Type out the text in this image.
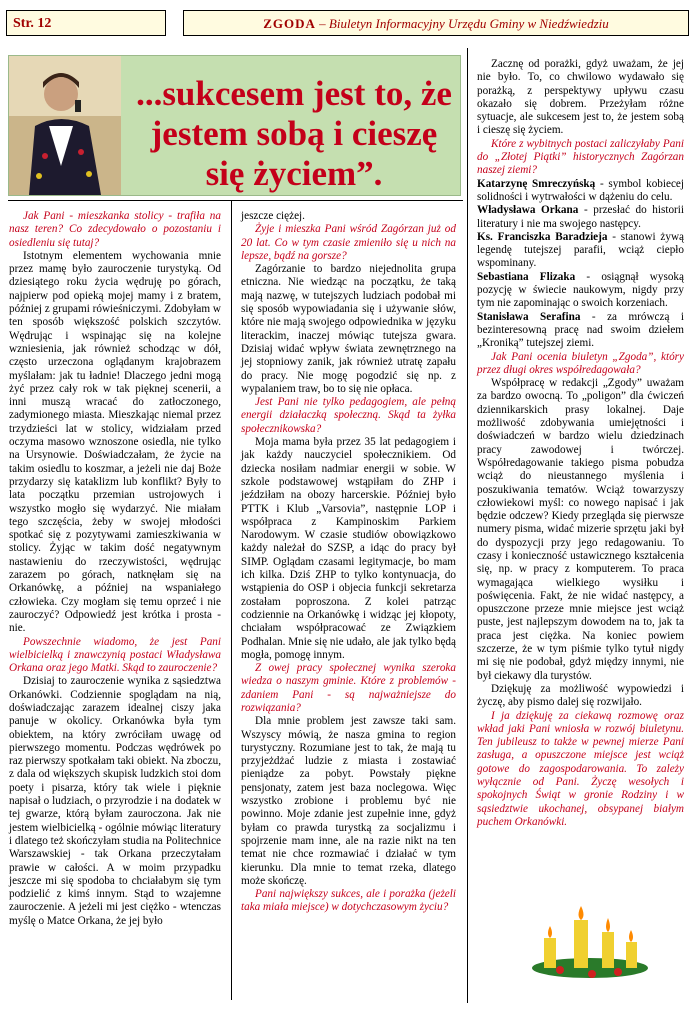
Str. 12	ZGODA – Biuletyn Informacyjny Urzędu Gminy w Niedźwiedziu
...sukcesem jest to, że jestem sobą i cieszę się życiem”.

Jak Pani - mieszkanka stolicy - trafiła na nasz teren? Co zdecydowało o pozostaniu i osiedleniu się tutaj?

Istotnym elementem wychowania mnie przez mamę było zauroczenie turystyką. Od dziesiątego roku życia wędruję po górach, najpierw pod opieką mojej mamy i z bratem, później z grupami rówieśniczymi. Zdobyłam w ten sposób większość polskich szczytów. Wędrując i wspinając się na kolejne wzniesienia, jak również schodząc w dół, często urzeczona oglądanym krajobrazem myślałam: jak tu ładnie! Dlaczego jedni mogą żyć przez cały rok w tak pięknej scenerii, a inni muszą wracać do zatłoczonego, zadymionego miasta. Mieszkając niemal przez trzydzieści lat w stolicy, widziałam przed oczyma masowo wznoszone osiedla, nie tylko na Ursynowie. Doświadczałam, że życie na takim osiedlu to koszmar, a jeżeli nie daj Boże przydarzy się kataklizm lub konflikt? Były to lata początku przemian ustrojowych i wszystko mogło się wydarzyć. Nie miałam tego szczęścia, żeby w swojej młodości spotkać się z pozytywami zamieszkiwania w stolicy. Żyjąc w takim dość negatywnym nastawieniu do rzeczywistości, wędrując zarazem po górach, natknęłam się na Orkanówkę, a później na wspaniałego człowieka. Czy mogłam się temu oprzeć i nie zauroczyć? Odpowiedź jest krótka i prosta - nie.

Powszechnie wiadomo, że jest Pani wielbicielką i znawczynią postaci Władysława Orkana oraz jego Matki. Skąd to zauroczenie?

Dzisiaj to zauroczenie wynika z sąsiedztwa Orkanówki. Codziennie spoglądam na nią, doświadczając zarazem idealnej ciszy jaka panuje w okolicy. Orkanówka była tym obiektem, na który zwróciłam uwagę od pierwszego momentu. Podczas wędrówek po raz pierwszy spotkałam taki obiekt. Na zboczu, z dala od większych skupisk ludzkich stoi dom poety i pisarza, który tak wiele i pięknie napisał o ludziach, o przyrodzie i na dodatek w tej gwarze, którą byłam zauroczona. Jak nie jestem wielbicielką - ogólnie mówiąc literatury i dlatego też skończyłam studia na Politechnice Warszawskiej - tak Orkana przeczytałam prawie w całości. A w moim przypadku jeszcze mi się spodoba to chciałabym się tym podzielić z kimś innym. Stąd to wzajemne zauroczenie. A jeżeli mi jest ciężko - wtenczas myślę o Matce Orkana, że jej było

jeszcze ciężej.

Żyje i mieszka Pani wśród Zagórzan już od 20 lat. Co w tym czasie zmieniło się u nich na lepsze, bądź na gorsze?

Zagórzanie to bardzo niejednolita grupa etniczna. Nie wiedząc na początku, że taką mają nazwę, w tutejszych ludziach podobał mi się sposób wypowiadania się i używanie słów, które nie mają swojego odpowiednika w języku literackim, inaczej mówiąc tutejsza gwara. Dzisiaj widać wpływ świata zewnętrznego na jej stopniowy zanik, jak również utratę zapału do pracy. Nie mogę pogodzić się np. z wypalaniem traw, bo to się nie opłaca.

Jest Pani nie tylko pedagogiem, ale pełną energii działaczką społeczną. Skąd ta żyłka społecznikowska?

Moja mama była przez 35 lat pedagogiem i jak każdy nauczyciel społecznikiem. Od dziecka nosiłam nadmiar energii w sobie. W szkole podstawowej wstąpiłam do ZHP i jeździłam na obozy harcerskie. Później było PTTK i Klub „Varsovia”, następnie LOP i współpraca z Kampinoskim Parkiem Narodowym. W czasie studiów obowiązkowo każdy należał do SZSP, a idąc do pracy był SIMP. Oglądam czasami legitymacje, bo mam ich kilka. Dziś ZHP to tylko kontynuacja, do wstąpienia do OSP i objecia funkcji sekretarza zostałam poproszona. Z kolei patrząc codziennie na Orkanówkę i widząc jej kłopoty, chciałam współpracować ze Związkiem Podhalan. Mnie się nie udało, ale jak tylko będą mogła, pomogę innym.

Z owej pracy społecznej wynika szeroka wiedza o naszym gminie. Które z problemów - zdaniem Pani - są najważniejsze do rozwiązania?

Dla mnie problem jest zawsze taki sam. Wszyscy mówią, że nasza gmina to region turystyczny. Rozumiane jest to tak, że mają tu przyjeżdżać ludzie z miasta i zostawiać pieniądze za pobyt. Powstały piękne pensjonaty, zatem jest baza noclegowa. Więc wszystko zrobione i problemu być nie powinno. Moje zdanie jest zupełnie inne, gdyż byłam co prawda turystką za socjalizmu i spojrzenie mam inne, ale na razie nikt na ten temat nie chce rozmawiać i działać w tym kierunku. Dla mnie to temat rzeka, dlatego może skończę.

Pani największy sukces, ale i porażka (jeżeli taka miała miejsce) w dotychczasowym życiu?

Zacznę od porażki, gdyż uważam, że jej nie było. To, co chwilowo wydawało się porażką, z perspektywy upływu czasu okazało się dobrem. Przeżyłam różne sytuacje, ale sukcesem jest to, że jestem sobą i cieszę się życiem.

Które z wybitnych postaci zaliczyłaby Pani do „Złotej Piątki” historycznych Zagórzan naszej ziemi?

Katarzynę Smreczyńską - symbol kobiecej solidności i wytrwałości w dążeniu do celu.

Władysława Orkana - przesłać do historii literatury i nie ma swojego następcy.

Ks. Franciszka Baradzieja - stanowi żywą legendę tutejszej parafii, wciąż ciepło wspominany.

Sebastiana Flizaka - osiągnął wysoką pozycję w świecie naukowym, nigdy przy tym nie zapominając o swoich korzeniach.

Stanisława Serafina - za mrówczą i bezinteresowną pracę nad swoim dziełem „Kroniką” tutejszej ziemi.

Jak Pani ocenia biuletyn „Zgoda”, który przez długi okres współredagowała?

Współpracę w redakcji „Zgody” uważam za bardzo owocną. To „poligon” dla ćwiczeń dziennikarskich prasy lokalnej. Daje możliwość zdobywania umiejętności i doświadczeń w bardzo wielu dziedzinach pracy zawodowej i twórczej. Współredagowanie takiego pisma pobudza wciąż do nieustannego myślenia i poszukiwania tematów. Wciąż towarzyszy człowiekowi myśl: co nowego napisać i jak będzie odczew? Kiedy przegląda się pierwsze numery pisma, widać mizerie sprzętu jaki był do dyspozycji przy jego redagowaniu. To czasy i konieczność ustawicznego kształcenia się, np. w pracy z komputerem. To praca wymagająca wielkiego wysiłku i poświęcenia. Fakt, że nie widać następcy, a opuszczone przeze mnie miejsce jest wciąż puste, jest najlepszym dowodem na to, jak ta praca jest ciężka. Na koniec powiem szczerze, że w tym piśmie tylko tytuł nigdy mi się nie podobał, gdyż między innymi, nie był ciekawy dla turystów.

Dziękuję za możliwość wypowiedzi i życzę, aby pismo dalej się rozwijało.

I ja dziękuję za ciekawą rozmowę oraz wkład jaki Pani wniosła w rozwój biuletynu. Ten jubileusz to także w pewnej mierze Pani zasługa, a opuszczone miejsce jest wciąż gotowe do zagospodarowania. To zależy wyłącznie od Pani. Życzę wesołych i spokojnych Świąt w gronie Rodziny i w sąsiedztwie ukochanej, obsypanej białym puchem Orkanówki.
